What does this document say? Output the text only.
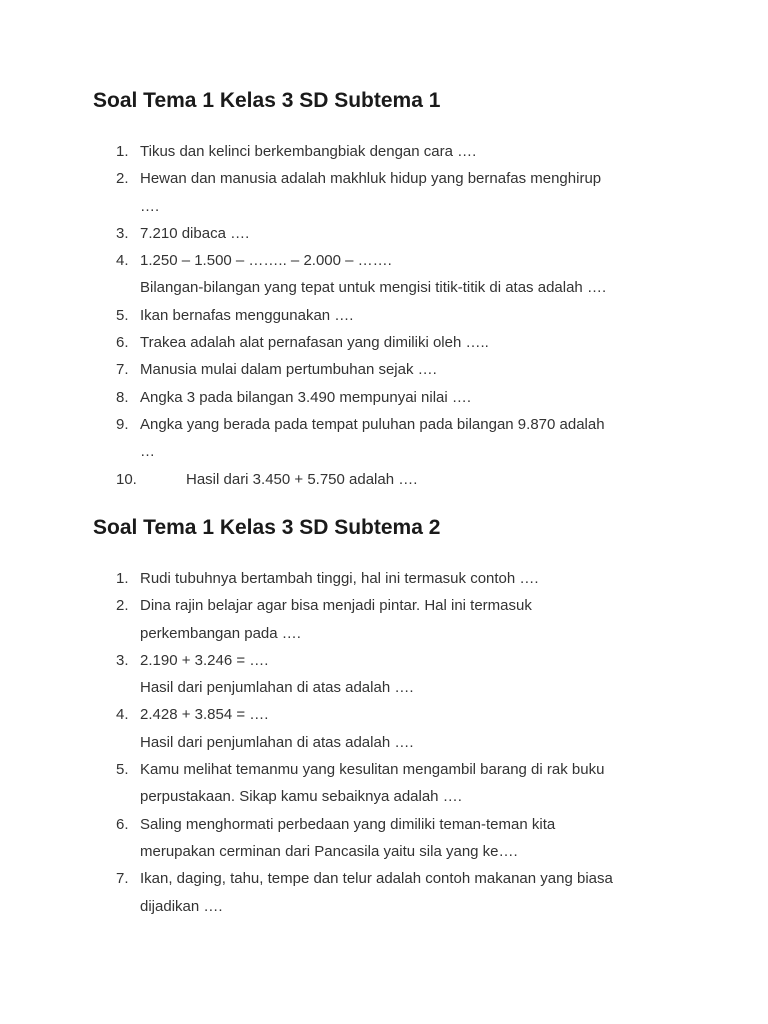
Soal Tema 1 Kelas 3 SD Subtema 1
1. Tikus dan kelinci berkembangbiak dengan cara ….
2. Hewan dan manusia adalah makhluk hidup yang bernafas menghirup
….
3. 7.210 dibaca ….
4. 1.250 – 1.500 – …….. – 2.000 – …….
Bilangan-bilangan yang tepat untuk mengisi titik-titik di atas adalah ….
5. Ikan bernafas menggunakan ….
6. Trakea adalah alat pernafasan yang dimiliki oleh …..
7. Manusia mulai dalam pertumbuhan sejak ….
8. Angka 3 pada bilangan 3.490 mempunyai nilai ….
9. Angka yang berada pada tempat puluhan pada bilangan 9.870 adalah
…
10.	Hasil dari 3.450 + 5.750 adalah ….
Soal Tema 1 Kelas 3 SD Subtema 2
1. Rudi tubuhnya bertambah tinggi, hal ini termasuk contoh ….
2. Dina rajin belajar agar bisa menjadi pintar. Hal ini termasuk
perkembangan pada ….
3. 2.190 + 3.246 = ….
Hasil dari penjumlahan di atas adalah ….
4. 2.428 + 3.854 = ….
Hasil dari penjumlahan di atas adalah ….
5. Kamu melihat temanmu yang kesulitan mengambil barang di rak buku
perpustakaan. Sikap kamu sebaiknya adalah ….
6. Saling menghormati perbedaan yang dimiliki teman-teman kita
merupakan cerminan dari Pancasila yaitu sila yang ke….
7. Ikan, daging, tahu, tempe dan telur adalah contoh makanan yang biasa
dijadikan ….
